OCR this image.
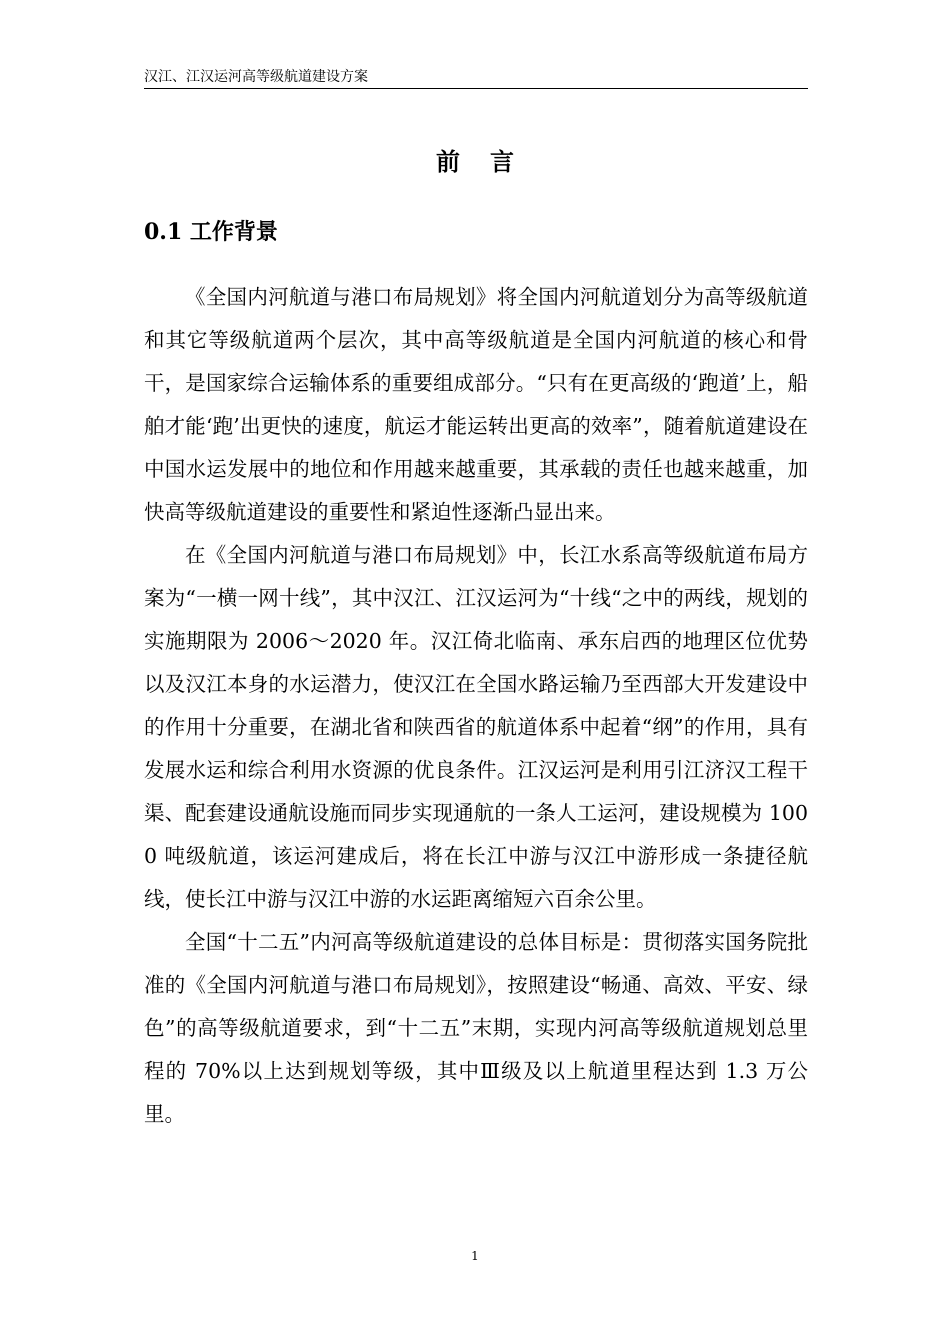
汉江、江汉运河高等级航道建设方案
前言
0.1 工作背景

《全国内河航道与港口布局规划》将全国内河航道划分为高等级航道和其它等级航道两个层次，其中高等级航道是全国内河航道的核心和骨干，是国家综合运输体系的重要组成部分。“只有在更高级的‘跑道’上，船舶才能‘跑’出更快的速度，航运才能运转出更高的效率”，随着航道建设在中国水运发展中的地位和作用越来越重要，其承载的责任也越来越重，加快高等级航道建设的重要性和紧迫性逐渐凸显出来。

在《全国内河航道与港口布局规划》中，长江水系高等级航道布局方案为“一横一网十线”，其中汉江、江汉运河为“十线“之中的两线，规划的实施期限为 2006～2020 年。汉江倚北临南、承东启西的地理区位优势以及汉江本身的水运潜力，使汉江在全国水路运输乃至西部大开发建设中的作用十分重要，在湖北省和陕西省的航道体系中起着“纲”的作用，具有发展水运和综合利用水资源的优良条件。江汉运河是利用引江济汉工程干渠、配套建设通航设施而同步实现通航的一条人工运河，建设规模为 1000 吨级航道，该运河建成后，将在长江中游与汉江中游形成一条捷径航线，使长江中游与汉江中游的水运距离缩短六百余公里。

全国“十二五”内河高等级航道建设的总体目标是：贯彻落实国务院批准的《全国内河航道与港口布局规划》，按照建设“畅通、高效、平安、绿色”的高等级航道要求，到“十二五”末期，实现内河高等级航道规划总里程的 70%以上达到规划等级，其中Ⅲ级及以上航道里程达到 1.3 万公里。

1
